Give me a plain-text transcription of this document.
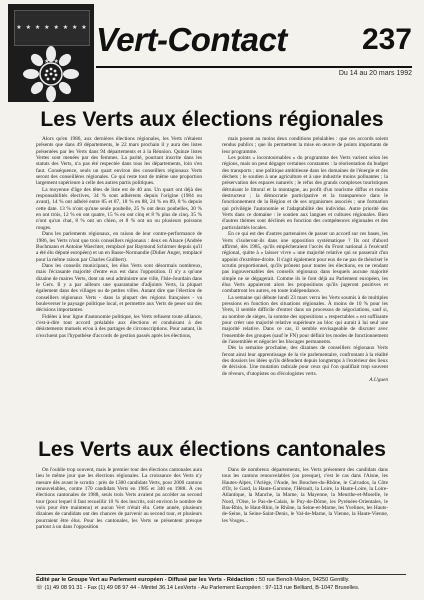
★ ★ ★ ★ ★ ★ ★ ★ ★ ★
Vert-Contact	237
Du 14 au 20 mars 1992
Les Verts aux élections régionales

Alors qu'en 1986, aux dernières élections régionales, les Verts n'étaient présents que dans 49 départements, le 22 mars prochain il y aura des listes présentées par les Verts dans 94 départements et à la Réunion. Quinze listes Vertes sont menées par des femmes. La parité, pourtant inscrite dans les statuts des Verts, n'a pas été respectée dans tous les départements, loin s'en faut. Conséquence, seuls un quart environ des conseillers régionaux Verts seront des conseillères régionales. Ce qui reste tout de même une proportion largement supérieure à celle des autres partis politiques.

La moyenne d'âge des têtes de liste est de 40 ans. Un quart ont déjà des responsabilités électives, 34 % sont adhérents depuis l'origine (1984 ou avant), 14 % ont adhéré entre 85 et 87, 18 % en 88, 24 % en 89, 8 % depuis cette date. 13 % n'ont qu'une seule poubelle, 25 % ont deux poubelles, 30 % en ont trois, 12 % en ont quatre, 15 % en ont cinq et 8 % plus de cinq. 35 % n'ont qu'un chat, 8 % ont un chien, et 8 % ont un ou plusieurs poissons rouges.

Dans les parlements régionaux, en raison de leur contre-performance de 1986, les Verts n'ont que trois conseillers régionaux : deux en Alsace (Andrée Buchmann et Antoine Waechter, remplacé par Raymond Schirmer depuis qu'il a été élu député européen) et un en Basse-Normandie (Didier Anger, remplacé pour la même raison par Charles Guilbert).

Dans les conseils municipaux, les élus Verts sont désormais nombreux, mais l'écrasante majorité d'entre eux est dans l'opposition. Il n'y a qu'une dizaine de maires Verts, dont un seul administre une ville, l'Isle-Jourdain dans le Gers. Il y a par ailleurs une quarantaine d'adjoints Verts, la plupart également dans des villages ou de petites villes. Autant dire que l'élection de conseillers régionaux Verts - dans la plupart des régions françaises - va bouleverser le paysage politique local, et permettre aux Verts de peser sur des décisions importantes.

Fidèles à leur ligne d'autonomie politique, les Verts refusent toute alliance, c'est-à-dire tout accord préalable aux élections et conduisant à des désistements mutuels et/ou à des partages de circonscriptions. Pour autant, ils n'excluent pas l'hypothèse d'accords de gestion passés après les élections,

mais posent au moins deux conditions préalables : que ces accords soient rendus publics ; que ils permettent la mise en œuvre de points importants de leur programme.

Les points « incontournables » du programme des Verts varient selon les régions, mais on peut dégager certaines constantes : la réorientation du budget des transports ; une politique ambitieuse dans les domaines de l'énergie et des déchets ; le soutien à une agriculture et à une industrie moins polluantes ; la préservation des espaces naturels ; le refus des grands complexes touristiques détruisant le littoral et la montagne, au profit d'un tourisme diffus et moins destructeur ; la démocratie participative et la transparence dans le fonctionnement de la Région et de ses organismes associés ; une formation qui privilégie l'autonomie et l'adaptabilité des individus. Autre priorité des Verts dans ce domaine : le soutien aux langues et cultures régionales. Bien d'autres thèmes sont déclinés en fonction des compétences régionales et des particularités locales.

En ce qui est des d'autres partenaires de passer un accord sur ces bases, les Verts s'isoleront-ils dans une opposition systématique ? Ils ont d'abord affirmé, dès 1985, qu'ils empêcheraient l'accès du Front national à l'exécutif régional, quitte à « laisser vivre » une majorité relative qui se passerait d'un appoint d'extrême-droite. Il s'agit également pour eux de ne pas de théoriser le scrutin proportionnel, qu'ils prônent pour toutes les élections, en ne rendant pas ingouvernables des conseils régionaux dans lesquels aucune majorité simple ne se dégagerait. Comme ils le font déjà au Parlement européen, les élus Verts appuieront alors les propositions qu'ils jugeront positives et combattront les autres, en toute indépendance.

La semaine qui débute lundi 23 mars verra les Verts soumis à de multiples pressions en fonction des situations régionales. À moins de 10 % pour les Verts, il semble difficile d'entrer dans un processus de négociations, sauf si, au nombre de sièges, la somme des oppositions « respectables » est suffisante pour créer une majorité relative supérieure au bloc qui aurait à lui seul une majorité relative. Dans ce cas, il semble envisageable de discuter avec l'ensemble des groupes (sauf le FN) pour définir les modes de fonctionnement de l'assemblée et négocier les blocages permanents.

Dès la semaine prochaine, des dizaines de conseillers régionaux Verts feront ainsi leur apprentissage de la vie parlementaire, confrontant à la réalité des dossiers les idées qu'ils défendent depuis longtemps à l'extérieur des lieux de décision. Une mutation radicale pour ceux qui l'on qualifiait trop souvent de rêveurs, d'utopistes ou d'écologistes verts.

A.Uguen
Les Verts aux élections cantonales

On l'oublie trop souvent, mais le premier tour des élections cantonales aura lieu le même jour que les élections régionales. La croissance des Verts n'y mesure dès avant le scrutin : près de 1300 candidats Verts, pour 2000 cantons renouvelables, contre 170 candidats Verts en 1985 et 340 en 1988. À ces élections cantonales de 1988, seuls trois Verts avaient pu accéder au second tour (pour lequel il faut recueillir 10 % des inscrits, soit environ le nombre de voix pour être maintenu) et aucun Vert n'était élu. Cette année, plusieurs dizaines de candidats ont des chances de parvenir au second tour, et plusieurs pourraient être élus. Pour les cantonales, les Verts se présentent presque partout à un dans l'opposition

Dans de nombreux départements, les Verts présentent des candidats dans tous les cantons renouvelables (ou presque), c'est le cas dans l'Aisne, les Hautes-Alpes, l'Ariège, l'Aude, les Bouches-du-Rhône, le Calvados, la Côte d'Or, le Gard, la Haute-Garonne, l'Hérault, la Loire, la Haute-Loire, la Loire-Atlantique, la Manche, la Marne, la Mayenne, la Meurthe-et-Moselle, le Nord, l'Oise, le Pas-de-Calais, le Puy-de-Dôme, les Pyrénées-Orientales, le Bas-Rhin, le Haut-Rhin, le Rhône, la Seine-et-Marne, les Yvelines, les Hauts-de-Seine, la Seine-Saint-Denis, le Val-de-Marne, la Vienne, la Haute-Vienne, les Vosges...

Édité par le Groupe Vert au Parlement européen - Diffusé par les Verts - Rédaction : 50 rue Benoît-Malon, 94250 Gentilly.
☏ (1) 49 08 91 31 - Fax (1) 49 08 97 44 - Minitel 36.14 LesVerts - Au Parlement Européen : 97-113 rue Belliard, B-1047 Bruxelles.
